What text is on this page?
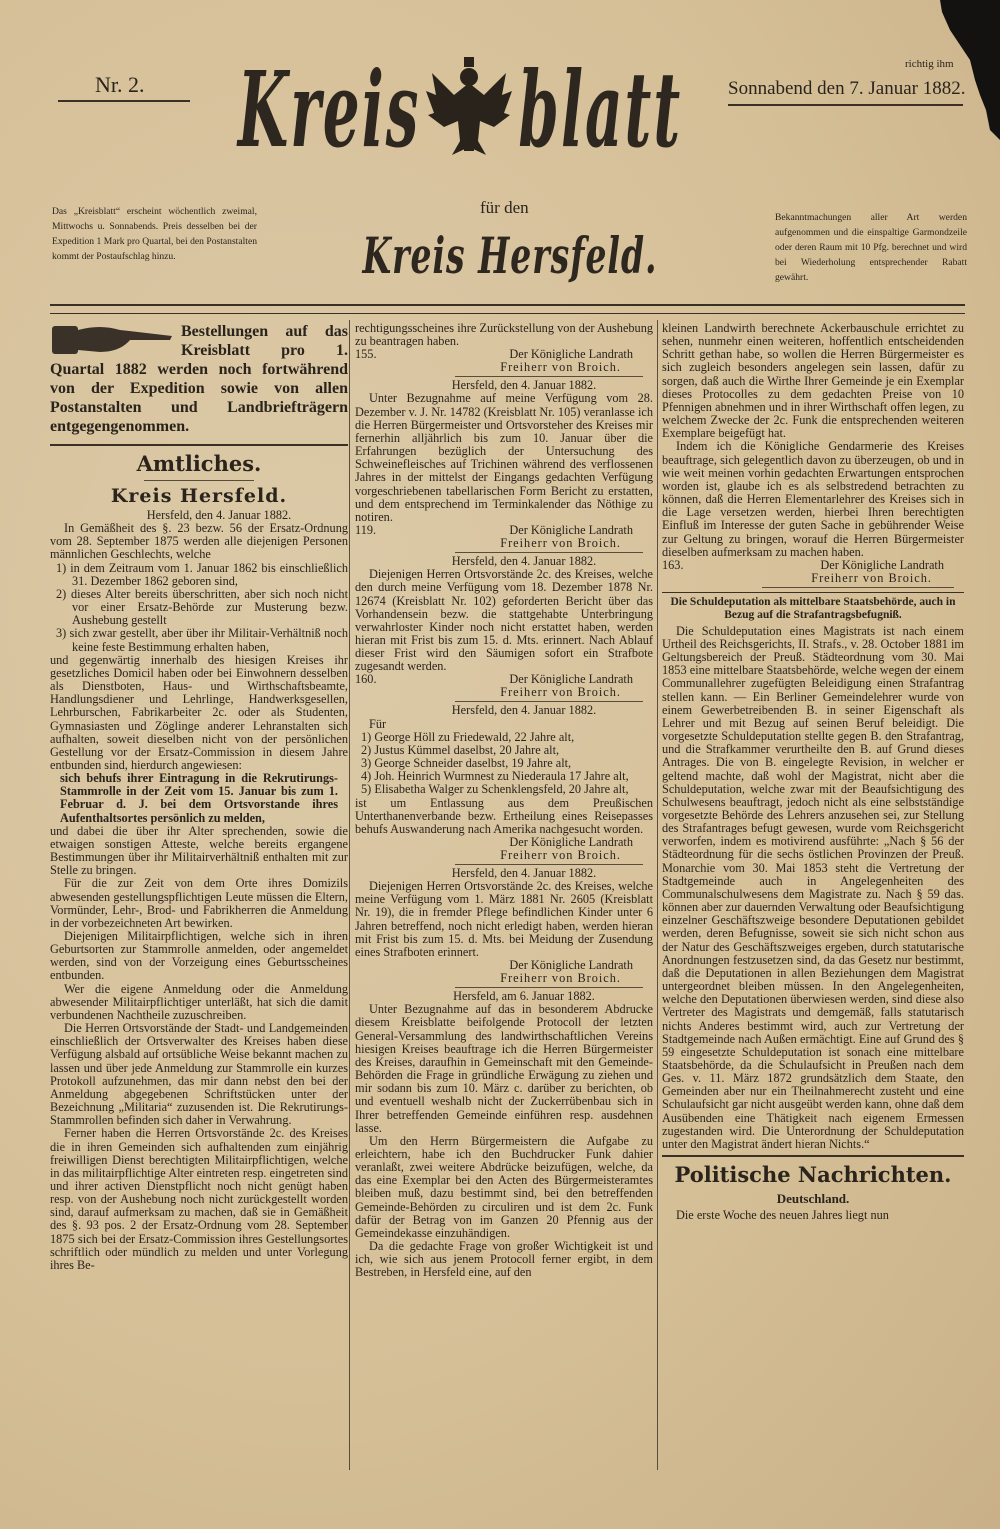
richtig ihm
Nr. 2. Kreis blatt Sonnabend den 7. Januar 1882.
Das „Kreisblatt“ erscheint wöchentlich zweimal, Mittwochs u. Sonnabends. Preis desselben bei der Expedition 1 Mark pro Quartal, bei den Postanstalten kommt der Postaufschlag hinzu.
für den
Kreis Hersfeld.
Bekanntmachungen aller Art werden aufgenommen und die einspaltige Garmondzeile oder deren Raum mit 10 Pfg. berechnet und wird bei Wiederholung entsprechender Rabatt gewährt.
Bestellungen auf das Kreisblatt pro 1. Quartal 1882 werden noch fortwährend von der Expedition sowie von allen Postanstalten und Landbriefträgern entgegengenommen.
Amtliches.
Kreis Hersfeld.
Hersfeld, den 4. Januar 1882.
In Gemäßheit des §. 23 bezw. 56 der Ersatz-Ordnung vom 28. September 1875 werden alle diejenigen Personen männlichen Geschlechts, welche
1) in dem Zeitraum vom 1. Januar 1862 bis einschließlich 31. Dezember 1862 geboren sind,
2) dieses Alter bereits überschritten, aber sich noch nicht vor einer Ersatz-Behörde zur Musterung bezw. Aushebung gestellt
3) sich zwar gestellt, aber über ihr Militair-Verhältniß noch keine feste Bestimmung erhalten haben,
und gegenwärtig innerhalb des hiesigen Kreises ihr gesetzliches Domicil haben oder bei Einwohnern desselben als Dienstboten, Haus- und Wirthschaftsbeamte, Handlungsdiener und Lehrlinge, Handwerksgesellen, Lehrburschen, Fabrikarbeiter 2c. oder als Studenten, Gymnasiasten und Zöglinge anderer Lehranstalten sich aufhalten, soweit dieselben nicht von der persönlichen Gestellung vor der Ersatz-Commission in diesem Jahre entbunden sind, hierdurch angewiesen:
sich behufs ihrer Eintragung in die Rekrutirungs-Stammrolle in der Zeit vom 15. Januar bis zum 1. Februar d. J. bei dem Ortsvorstande ihres Aufenthaltsortes persönlich zu melden,
und dabei die über ihr Alter sprechenden, sowie die etwaigen sonstigen Atteste, welche bereits ergangene Bestimmungen über ihr Militairverhältniß enthalten mit zur Stelle zu bringen.
Für die zur Zeit von dem Orte ihres Domizils abwesenden gestellungspflichtigen Leute müssen die Eltern, Vormünder, Lehr-, Brod- und Fabrikherren die Anmeldung in der vorbezeichneten Art bewirken.
Diejenigen Militairpflichtigen, welche sich in ihren Geburtsorten zur Stammrolle anmelden, oder angemeldet werden, sind von der Vorzeigung eines Geburtsscheines entbunden.
Wer die eigene Anmeldung oder die Anmeldung abwesender Militairpflichtiger unterläßt, hat sich die damit verbundenen Nachtheile zuzuschreiben.
Die Herren Ortsvorstände der Stadt- und Landgemeinden einschließlich der Ortsverwalter des Kreises haben diese Verfügung alsbald auf ortsübliche Weise bekannt machen zu lassen und über jede Anmeldung zur Stammrolle ein kurzes Protokoll aufzunehmen, das mir dann nebst den bei der Anmeldung abgegebenen Schriftstücken unter der Bezeichnung „Militaria“ zuzusenden ist. Die Rekrutirungs-Stammrollen befinden sich daher in Verwahrung.
Ferner haben die Herren Ortsvorstände 2c. des Kreises die in ihren Gemeinden sich aufhaltenden zum einjährig freiwilligen Dienst berechtigten Militairpflichtigen, welche in das militairpflichtige Alter eintreten resp. eingetreten sind und ihrer activen Dienstpflicht noch nicht genügt haben resp. von der Aushebung noch nicht zurückgestellt worden sind, darauf aufmerksam zu machen, daß sie in Gemäßheit des §. 93 pos. 2 der Ersatz-Ordnung vom 28. September 1875 sich bei der Ersatz-Commission ihres Gestellungsortes schriftlich oder mündlich zu melden und unter Vorlegung ihres Be-
rechtigungsscheines ihre Zurückstellung von der Aushebung zu beantragen haben.
155.	Der Königliche Landrath
Freiherr von Broich.
Hersfeld, den 4. Januar 1882.
Unter Bezugnahme auf meine Verfügung vom 28. Dezember v. J. Nr. 14782 (Kreisblatt Nr. 105) veranlasse ich die Herren Bürgermeister und Ortsvorsteher des Kreises mir fernerhin alljährlich bis zum 10. Januar über die Erfahrungen bezüglich der Untersuchung des Schweinefleisches auf Trichinen während des verflossenen Jahres in der mittelst der Eingangs gedachten Verfügung vorgeschriebenen tabellarischen Form Bericht zu erstatten, und dem entsprechend im Terminkalender das Nöthige zu notiren.
119.	Der Königliche Landrath
Freiherr von Broich.
Hersfeld, den 4. Januar 1882.
Diejenigen Herren Ortsvorstände 2c. des Kreises, welche den durch meine Verfügung vom 18. Dezember 1878 Nr. 12674 (Kreisblatt Nr. 102) geforderten Bericht über das Vorhandensein bezw. die stattgehabte Unterbringung verwahrloster Kinder noch nicht erstattet haben, werden hieran mit Frist bis zum 15. d. Mts. erinnert. Nach Ablauf dieser Frist wird den Säumigen sofort ein Strafbote zugesandt werden.
160.	Der Königliche Landrath
Freiherr von Broich.
Hersfeld, den 4. Januar 1882.
Für
1) George Höll zu Friedewald, 22 Jahre alt,
2) Justus Kümmel daselbst, 20 Jahre alt,
3) George Schneider daselbst, 19 Jahre alt,
4) Joh. Heinrich Wurmnest zu Niederaula 17 Jahre alt,
5) Elisabetha Walger zu Schenklengsfeld, 20 Jahre alt,
ist um Entlassung aus dem Preußischen Unterthanenverbande bezw. Ertheilung eines Reisepasses behufs Auswanderung nach Amerika nachgesucht worden.
Der Königliche Landrath
Freiherr von Broich.
Hersfeld, den 4. Januar 1882.
Diejenigen Herren Ortsvorstände 2c. des Kreises, welche meine Verfügung vom 1. März 1881 Nr. 2605 (Kreisblatt Nr. 19), die in fremder Pflege befindlichen Kinder unter 6 Jahren betreffend, noch nicht erledigt haben, werden hieran mit Frist bis zum 15. d. Mts. bei Meidung der Zusendung eines Strafboten erinnert.
Der Königliche Landrath
Freiherr von Broich.
Hersfeld, am 6. Januar 1882.
Unter Bezugnahme auf das in besonderem Abdrucke diesem Kreisblatte beifolgende Protocoll der letzten General-Versammlung des landwirthschaftlichen Vereins hiesigen Kreises beauftrage ich die Herren Bürgermeister des Kreises, daraufhin in Gemeinschaft mit den Gemeinde-Behörden die Frage in gründliche Erwägung zu ziehen und mir sodann bis zum 10. März c. darüber zu berichten, ob und eventuell weshalb nicht der Zuckerrübenbau sich in Ihrer betreffenden Gemeinde einführen resp. ausdehnen lasse.
Um den Herrn Bürgermeistern die Aufgabe zu erleichtern, habe ich den Buchdrucker Funk dahier veranlaßt, zwei weitere Abdrücke beizufügen, welche, da das eine Exemplar bei den Acten des Bürgermeisteramtes bleiben muß, dazu bestimmt sind, bei den betreffenden Gemeinde-Behörden zu circuliren und ist dem 2c. Funk dafür der Betrag von im Ganzen 20 Pfennig aus der Gemeindekasse einzuhändigen.
Da die gedachte Frage von großer Wichtigkeit ist und ich, wie sich aus jenem Protocoll ferner ergibt, in dem Bestreben, in Hersfeld eine, auf den
kleinen Landwirth berechnete Ackerbauschule errichtet zu sehen, nunmehr einen weiteren, hoffentlich entscheidenden Schritt gethan habe, so wollen die Herren Bürgermeister es sich zugleich besonders angelegen sein lassen, dafür zu sorgen, daß auch die Wirthe Ihrer Gemeinde je ein Exemplar dieses Protocolles zu dem gedachten Preise von 10 Pfennigen abnehmen und in ihrer Wirthschaft offen legen, zu welchem Zwecke der 2c. Funk die entsprechenden weiteren Exemplare beigefügt hat.
Indem ich die Königliche Gendarmerie des Kreises beauftrage, sich gelegentlich davon zu überzeugen, ob und in wie weit meinen vorhin gedachten Erwartungen entsprochen worden ist, glaube ich es als selbstredend betrachten zu können, daß die Herren Elementarlehrer des Kreises sich in die Lage versetzen werden, hierbei Ihren berechtigten Einfluß im Interesse der guten Sache in gebührender Weise zur Geltung zu bringen, worauf die Herren Bürgermeister dieselben aufmerksam zu machen haben.
163.	Der Königliche Landrath
Freiherr von Broich.
Die Schuldeputation als mittelbare Staatsbehörde, auch in Bezug auf die Strafantragsbefugniß.
Die Schuldeputation eines Magistrats ist nach einem Urtheil des Reichsgerichts, II. Strafs., v. 28. October 1881 im Geltungsbereich der Preuß. Städteordnung vom 30. Mai 1853 eine mittelbare Staatsbehörde, welche wegen der einem Communallehrer zugefügten Beleidigung einen Strafantrag stellen kann. — Ein Berliner Gemeindelehrer wurde von einem Gewerbetreibenden B. in seiner Eigenschaft als Lehrer und mit Bezug auf seinen Beruf beleidigt. Die vorgesetzte Schuldeputation stellte gegen B. den Strafantrag, und die Strafkammer verurtheilte den B. auf Grund dieses Antrages. Die von B. eingelegte Revision, in welcher er geltend machte, daß wohl der Magistrat, nicht aber die Schuldeputation, welche zwar mit der Beaufsichtigung des Schulwesens beauftragt, jedoch nicht als eine selbstständige vorgesetzte Behörde des Lehrers anzusehen sei, zur Stellung des Strafantrages befugt gewesen, wurde vom Reichsgericht verworfen, indem es motivirend ausführte: „Nach § 56 der Städteordnung für die sechs östlichen Provinzen der Preuß. Monarchie vom 30. Mai 1853 steht die Vertretung der Stadtgemeinde auch in Angelegenheiten des Communalschulwesens dem Magistrate zu. Nach § 59 das. können aber zur dauernden Verwaltung oder Beaufsichtigung einzelner Geschäftszweige besondere Deputationen gebildet werden, deren Befugnisse, soweit sie sich nicht schon aus der Natur des Geschäftszweiges ergeben, durch statutarische Anordnungen festzusetzen sind, da das Gesetz nur bestimmt, daß die Deputationen in allen Beziehungen dem Magistrat untergeordnet bleiben müssen. In den Angelegenheiten, welche den Deputationen überwiesen werden, sind diese also Vertreter des Magistrats und demgemäß, falls statutarisch nichts Anderes bestimmt wird, auch zur Vertretung der Stadtgemeinde nach Außen ermächtigt. Eine auf Grund des § 59 eingesetzte Schuldeputation ist sonach eine mittelbare Staatsbehörde, da die Schulaufsicht in Preußen nach dem Ges. v. 11. März 1872 grundsätzlich dem Staate, den Gemeinden aber nur ein Theilnahmerecht zusteht und eine Schulaufsicht gar nicht ausgeübt werden kann, ohne daß dem Ausübenden eine Thätigkeit nach eigenem Ermessen zugestanden wird. Die Unterordnung der Schuldeputation unter den Magistrat ändert hieran Nichts.“
Politische Nachrichten.
Deutschland.
Die erste Woche des neuen Jahres liegt nun
